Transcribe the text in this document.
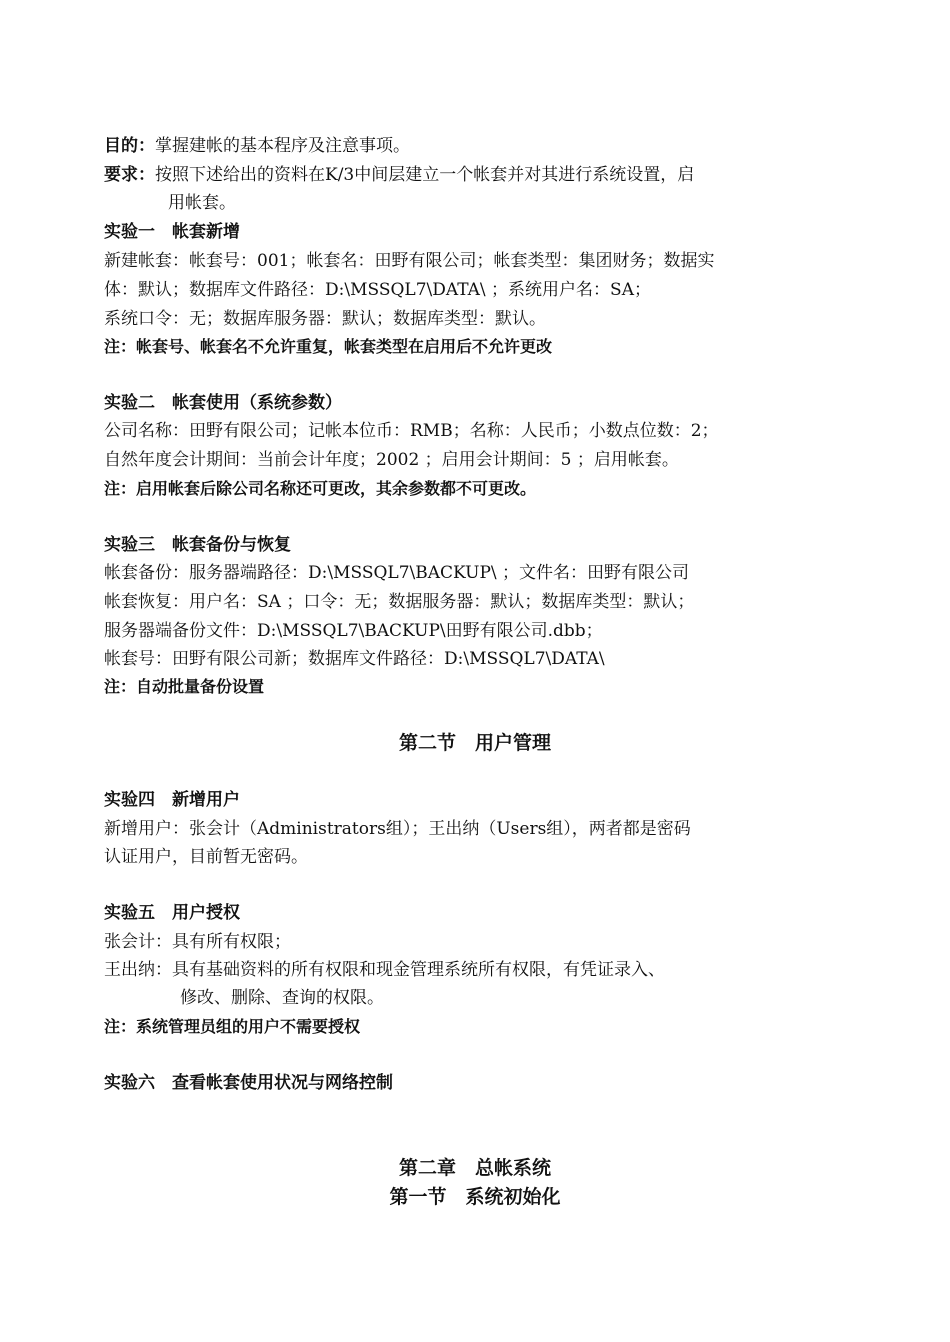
目的：掌握建帐的基本程序及注意事项。
要求：按照下述给出的资料在K/3中间层建立一个帐套并对其进行系统设置，启
用帐套。
实验一　帐套新增
新建帐套：帐套号：001；帐套名：田野有限公司；帐套类型：集团财务；数据实
体：默认；数据库文件路径：D:\MSSQL7\DATA\ ；系统用户名：SA；
系统口令：无；数据库服务器：默认；数据库类型：默认。
注：帐套号、帐套名不允许重复，帐套类型在启用后不允许更改
实验二　帐套使用（系统参数）
公司名称：田野有限公司；记帐本位币：RMB；名称：人民币；小数点位数：2；
自然年度会计期间：当前会计年度；2002 ；启用会计期间：5 ；启用帐套。
注：启用帐套后除公司名称还可更改，其余参数都不可更改。
实验三　帐套备份与恢复
帐套备份：服务器端路径：D:\MSSQL7\BACKUP\ ；文件名：田野有限公司
帐套恢复：用户名：SA ；口令：无；数据服务器：默认；数据库类型：默认；
服务器端备份文件：D:\MSSQL7\BACKUP\田野有限公司.dbb；
帐套号：田野有限公司新；数据库文件路径：D:\MSSQL7\DATA\
注：自动批量备份设置
第二节　用户管理
实验四　新增用户
新增用户：张会计（Administrators组）；王出纳（Users组），两者都是密码
认证用户，目前暂无密码。
实验五　用户授权
张会计：具有所有权限；
王出纳：具有基础资料的所有权限和现金管理系统所有权限，有凭证录入、
修改、删除、查询的权限。
注：系统管理员组的用户不需要授权
实验六　查看帐套使用状况与网络控制
第二章　总帐系统
第一节　系统初始化
